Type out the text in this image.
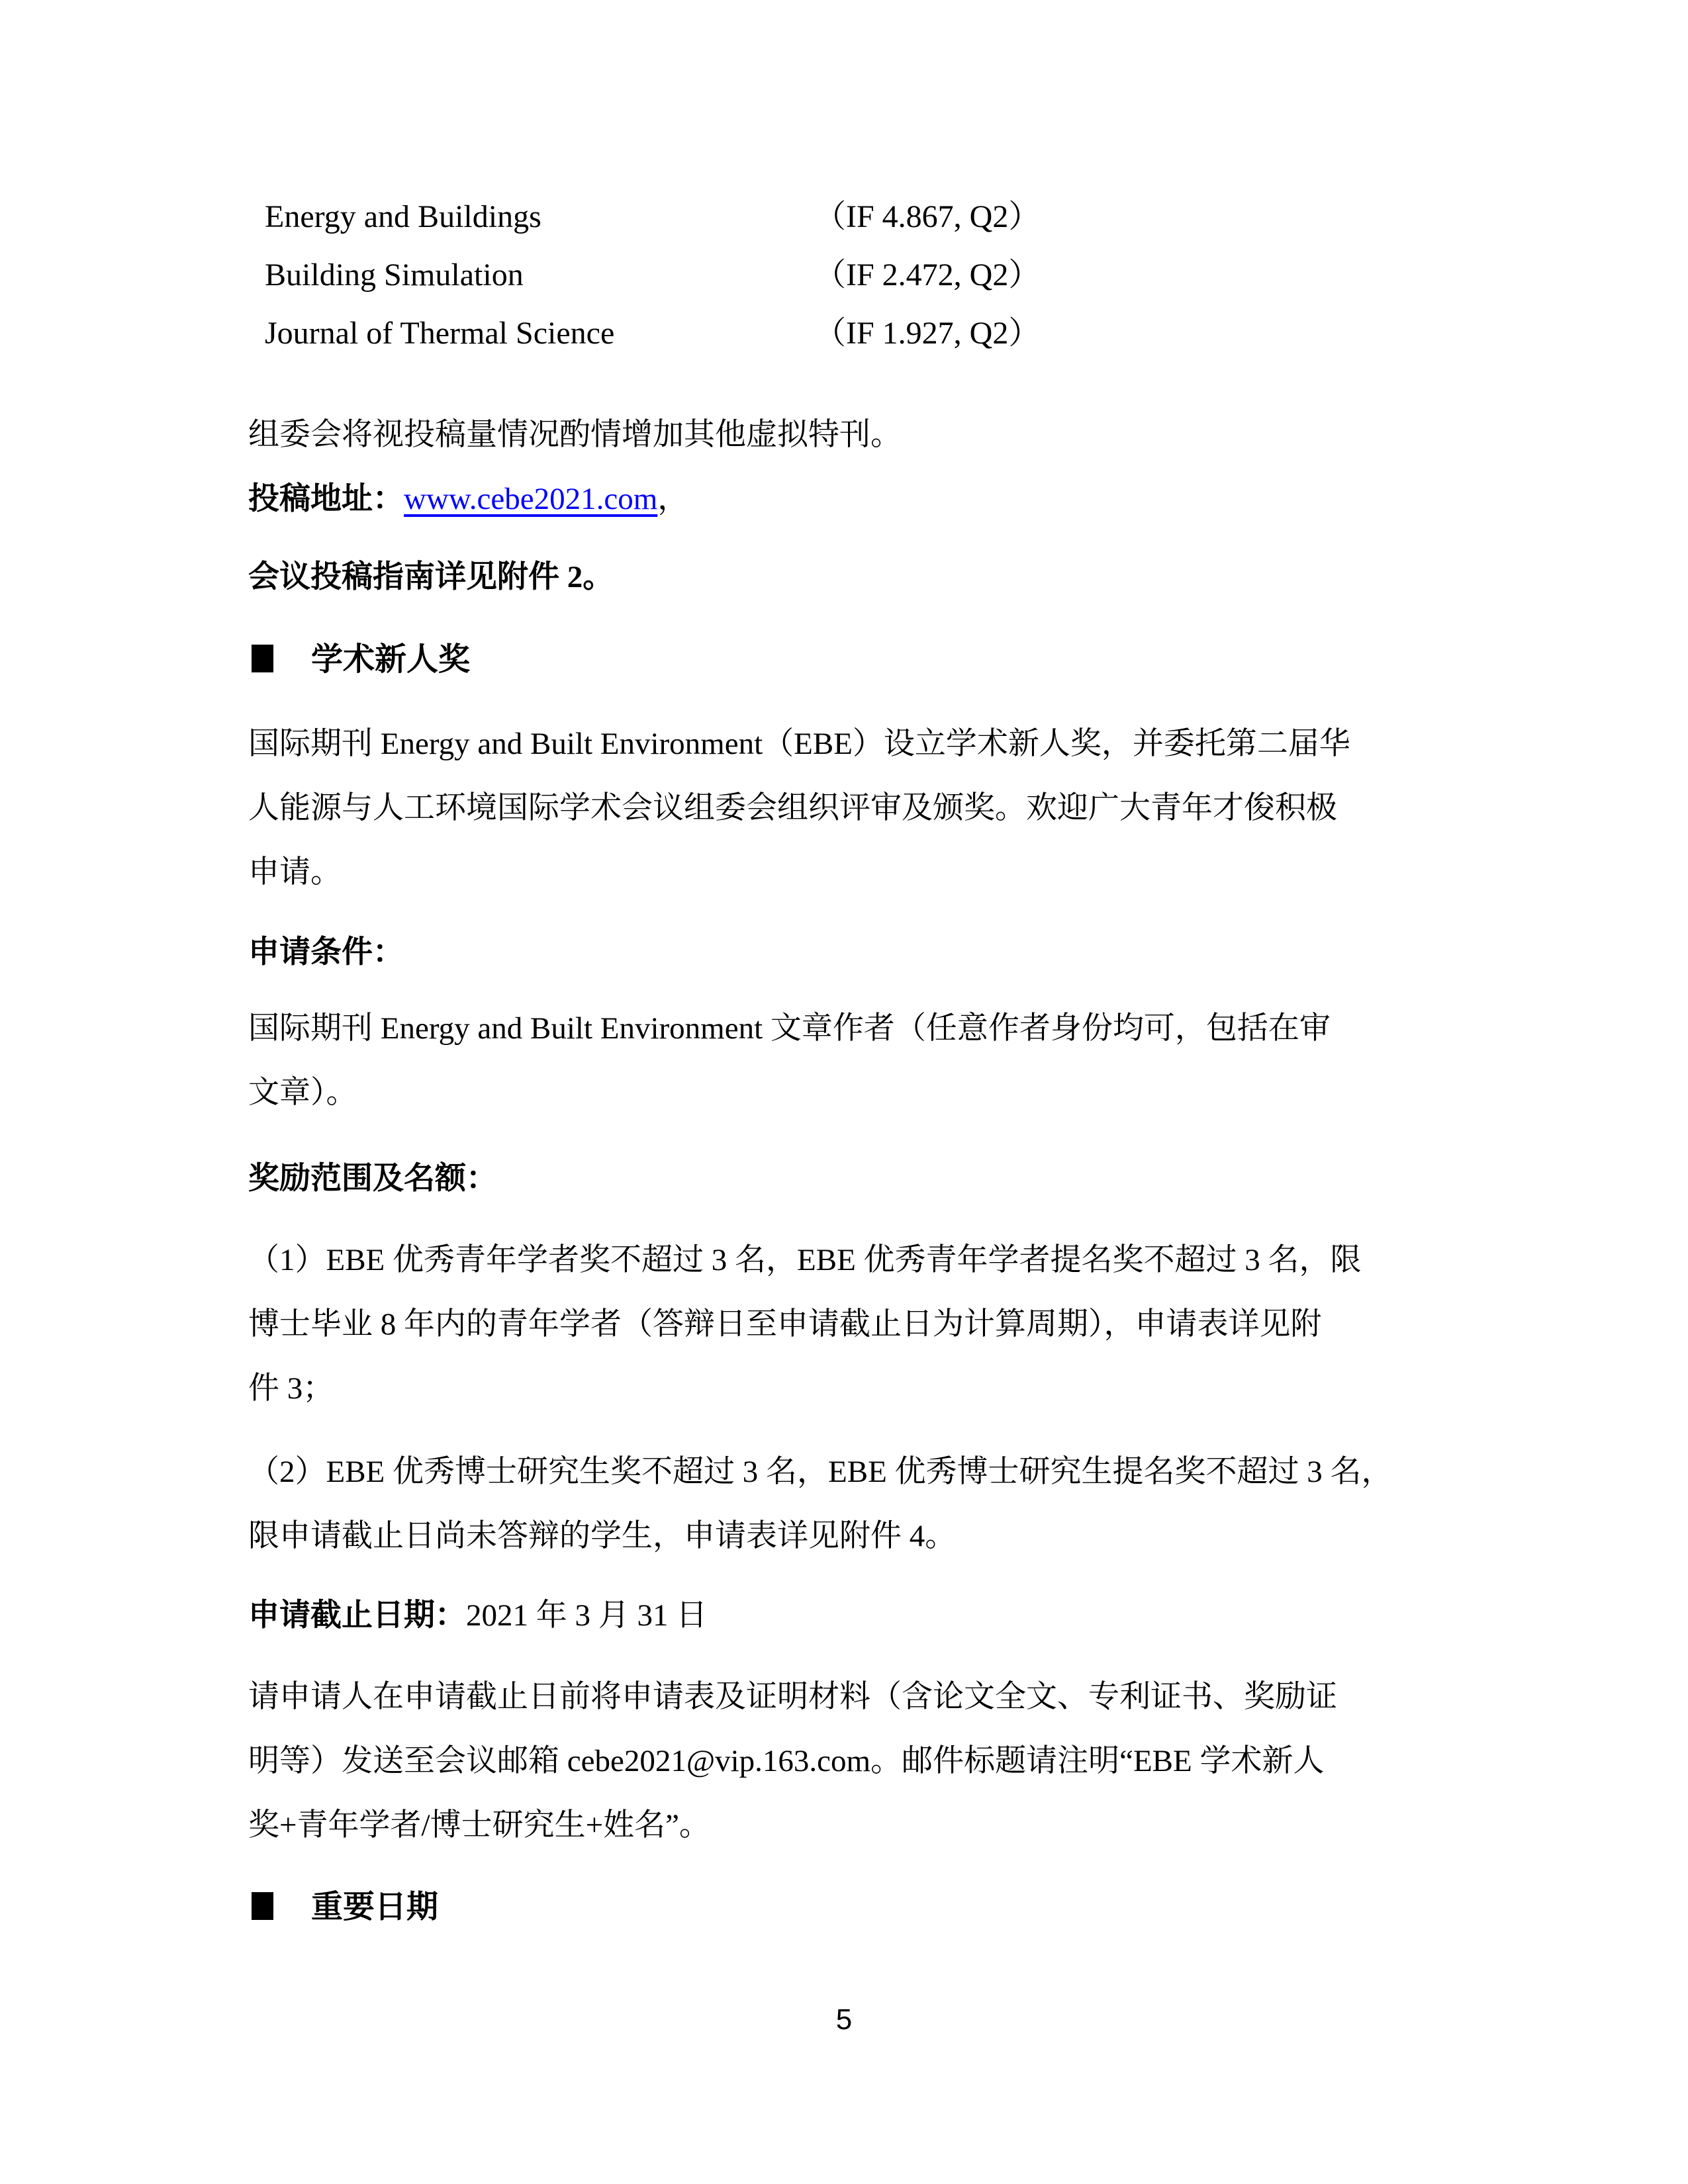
Energy and Buildings	（IF 4.867, Q2）
Building Simulation	（IF 2.472, Q2）
Journal of Thermal Science	（IF 1.927, Q2）
组委会将视投稿量情况酌情增加其他虚拟特刊。
投稿地址：www.cebe2021.com，
会议投稿指南详见附件 2。
学术新人奖
国际期刊 Energy and Built Environment（EBE）设立学术新人奖，并委托第二届华
人能源与人工环境国际学术会议组委会组织评审及颁奖。欢迎广大青年才俊积极
申请。
申请条件：
国际期刊 Energy and Built Environment 文章作者（任意作者身份均可，包括在审
文章）。
奖励范围及名额：
（1）EBE 优秀青年学者奖不超过 3 名，EBE 优秀青年学者提名奖不超过 3 名，限
博士毕业 8 年内的青年学者（答辩日至申请截止日为计算周期），申请表详见附
件 3；
（2）EBE 优秀博士研究生奖不超过 3 名，EBE 优秀博士研究生提名奖不超过 3 名，
限申请截止日尚未答辩的学生，申请表详见附件 4。
申请截止日期：2021 年 3 月 31 日
请申请人在申请截止日前将申请表及证明材料（含论文全文、专利证书、奖励证
明等）发送至会议邮箱 cebe2021@vip.163.com。邮件标题请注明“EBE 学术新人
奖+青年学者/博士研究生+姓名”。
重要日期
5
